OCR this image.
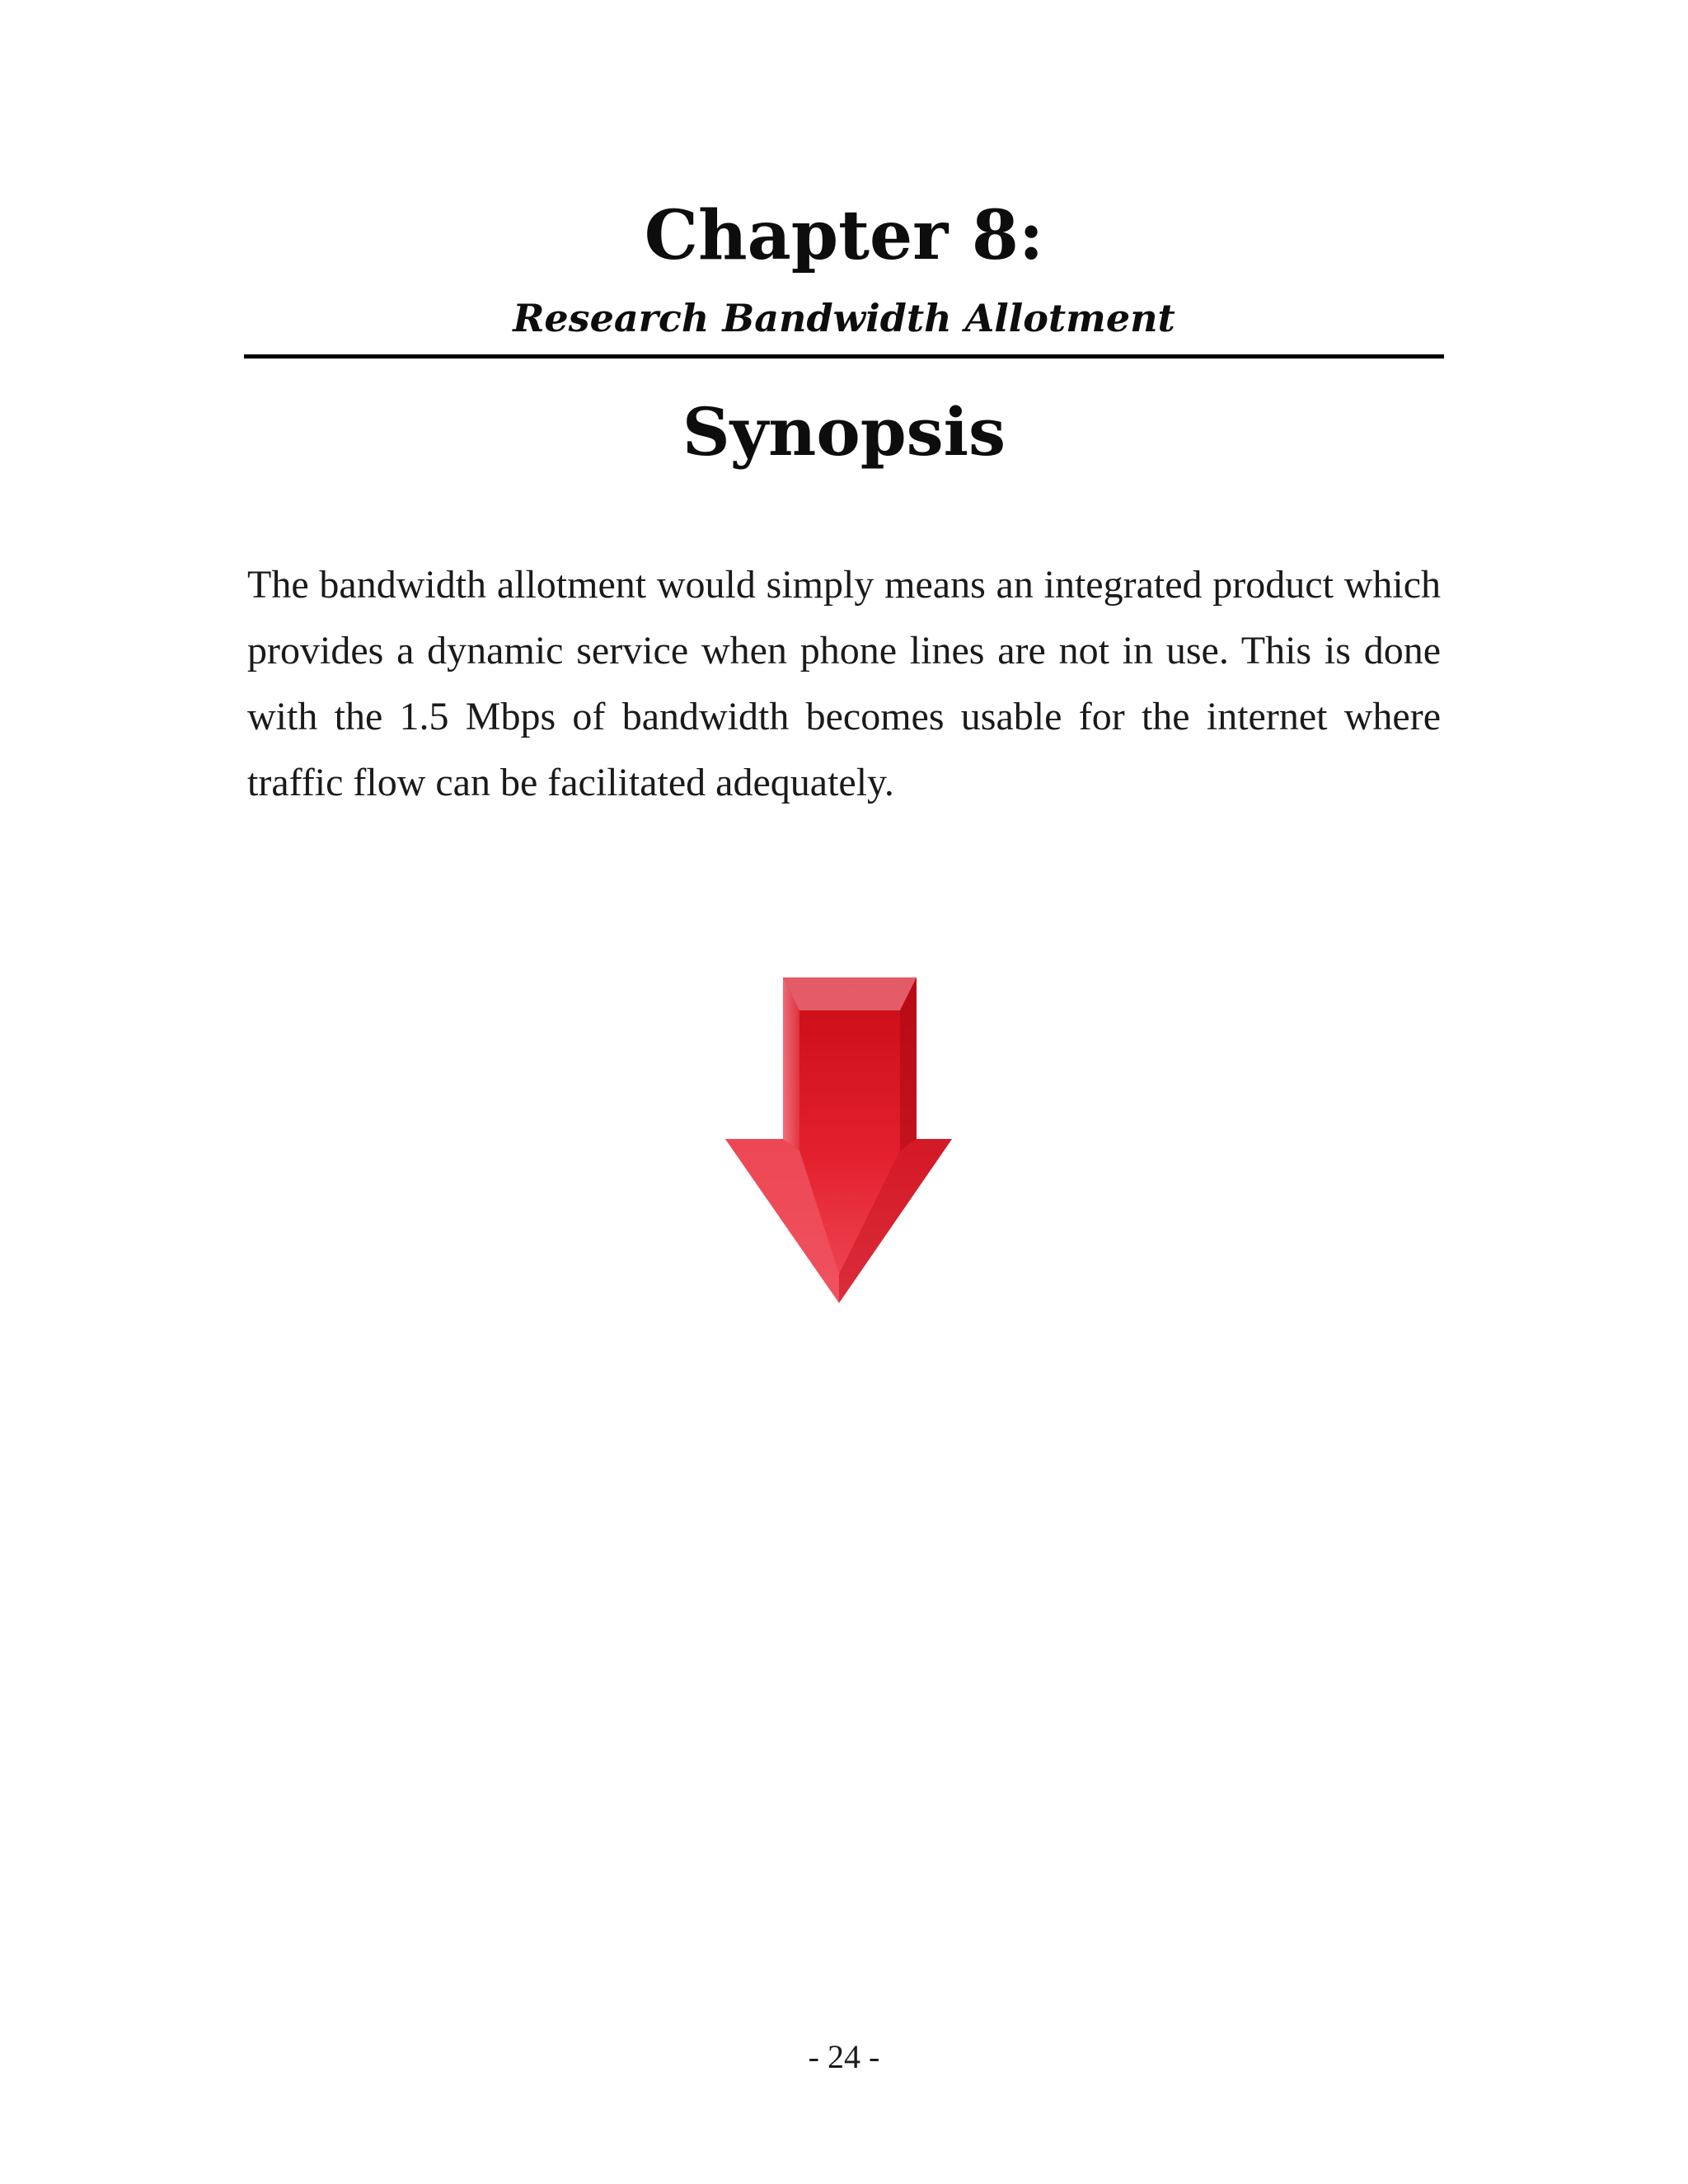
Chapter 8:
Research Bandwidth Allotment
Synopsis

The bandwidth allotment would simply means an integrated product which provides a dynamic service when phone lines are not in use. This is done with the 1.5 Mbps of bandwidth becomes usable for the internet where traffic flow can be facilitated adequately.

- 24 -
